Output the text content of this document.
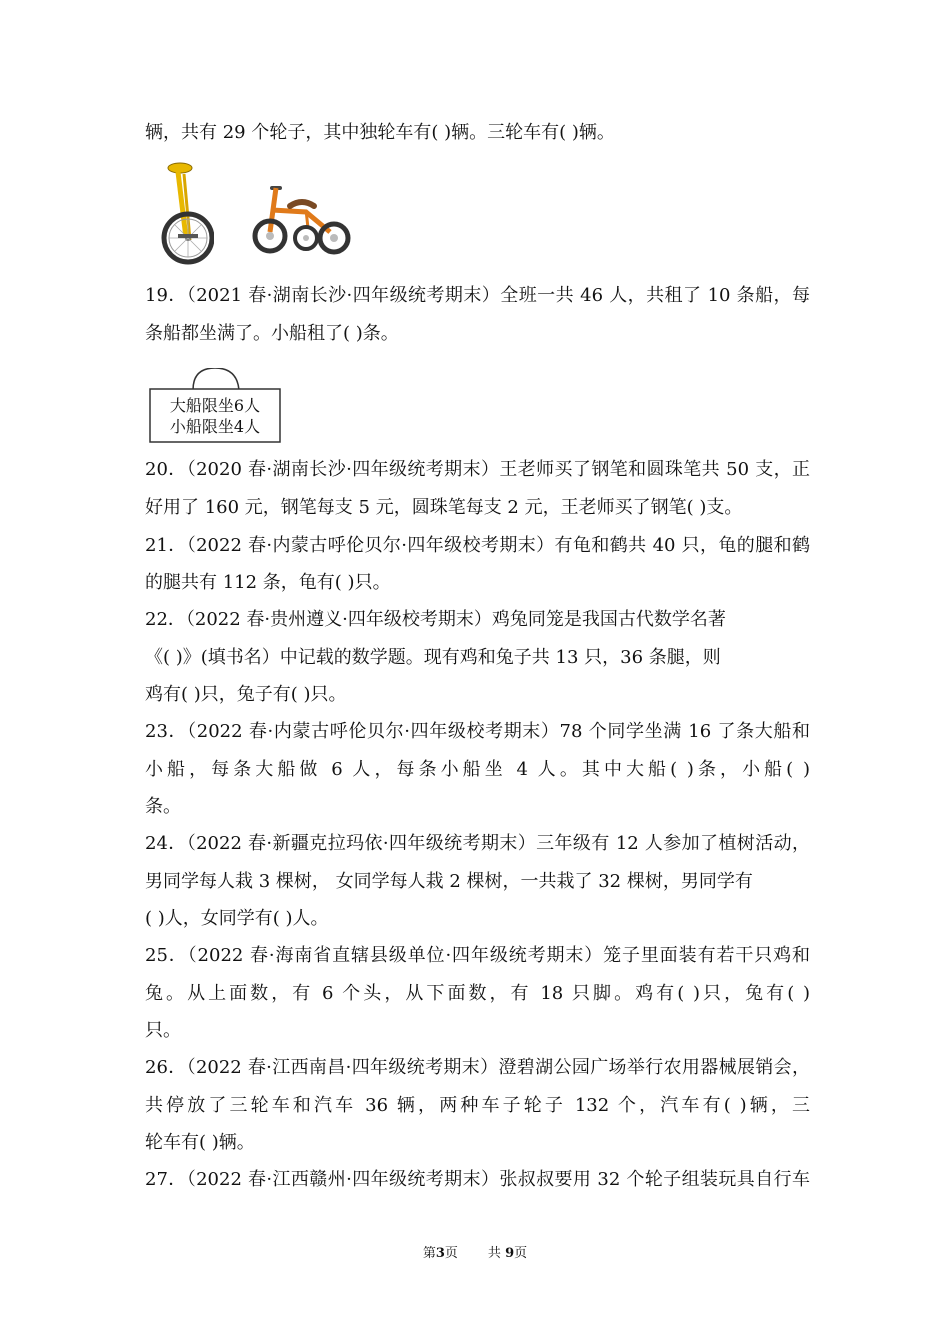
辆，共有 29 个轮子，其中独轮车有( )辆。三轮车有( )辆。
19．（2021 春·湖南长沙·四年级统考期末）全班一共 46 人，共租了 10 条船，每
条船都坐满了。小船租了( )条。
大船限坐6人
小船限坐4人
20．（2020 春·湖南长沙·四年级统考期末）王老师买了钢笔和圆珠笔共 50 支，正
好用了 160 元，钢笔每支 5 元，圆珠笔每支 2 元，王老师买了钢笔( )支。
21．（2022 春·内蒙古呼伦贝尔·四年级校考期末）有龟和鹤共 40 只，龟的腿和鹤
的腿共有 112 条，龟有( )只。
22．（2022 春·贵州遵义·四年级校考期末）鸡兔同笼是我国古代数学名著
《( )》(填书名）中记载的数学题。现有鸡和兔子共 13 只，36 条腿，则
鸡有( )只，兔子有( )只。
23．（2022 春·内蒙古呼伦贝尔·四年级校考期末）78 个同学坐满 16 了条大船和
小船，每条大船做 6 人，每条小船坐 4 人。其中大船( )条，小船( )
条。
24．（2022 春·新疆克拉玛依·四年级统考期末）三年级有 12 人参加了植树活动，
男同学每人栽 3 棵树， 女同学每人栽 2 棵树，一共栽了 32 棵树，男同学有
( )人，女同学有( )人。
25．（2022 春·海南省直辖县级单位·四年级统考期末）笼子里面装有若干只鸡和
兔。从上面数，有 6 个头，从下面数，有 18 只脚。鸡有( )只，兔有( )
只。
26．（2022 春·江西南昌·四年级统考期末）澄碧湖公园广场举行农用器械展销会，
共停放了三轮车和汽车 36 辆，两种车子轮子 132 个，汽车有( )辆，三
轮车有( )辆。
27．（2022 春·江西赣州·四年级统考期末）张叔叔要用 32 个轮子组装玩具自行车
第3页 共 9页
